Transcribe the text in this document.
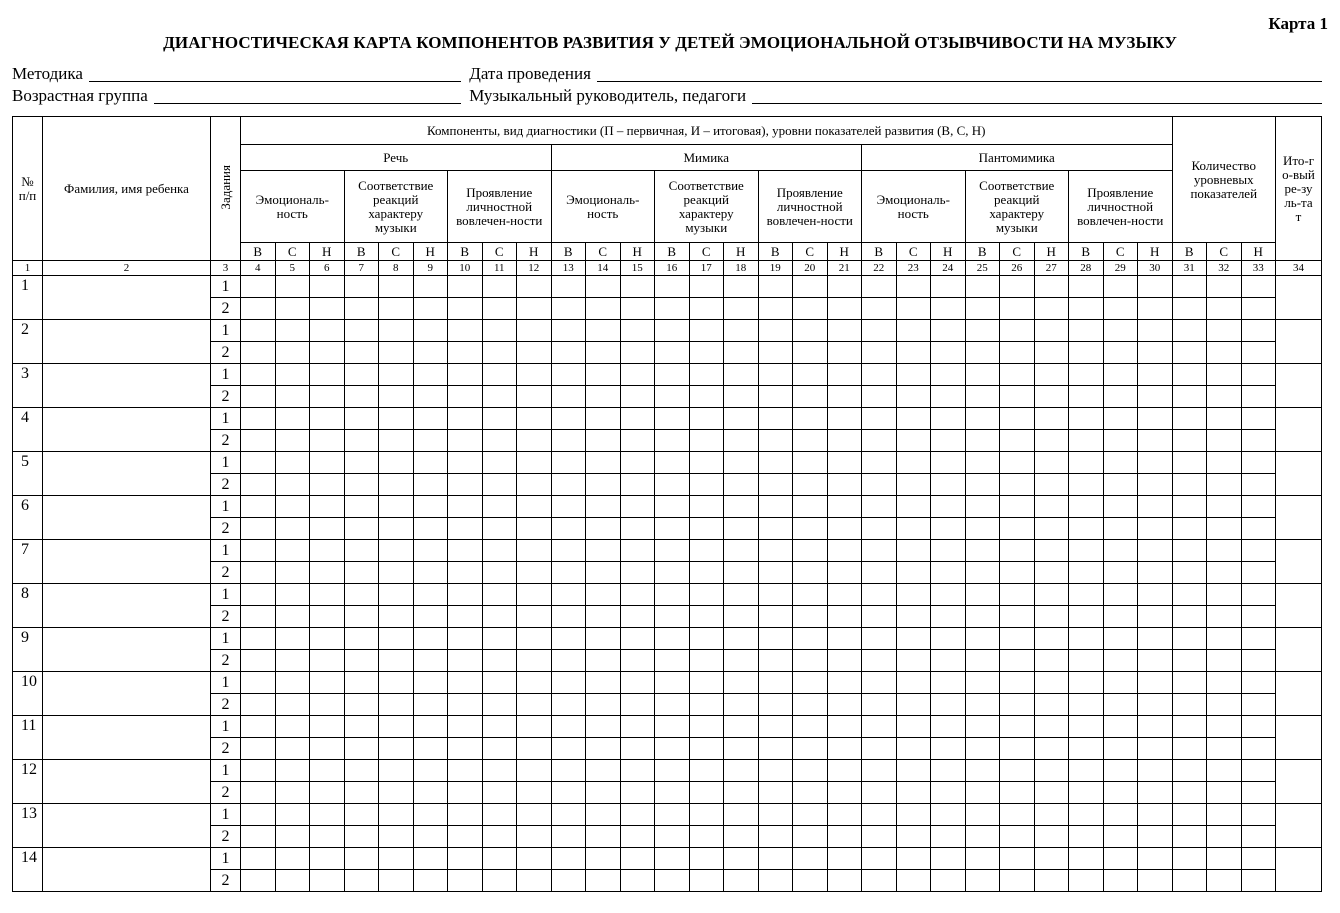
Карта 1
ДИАГНОСТИЧЕСКАЯ КАРТА КОМПОНЕНТОВ РАЗВИТИЯ У ДЕТЕЙ ЭМОЦИОНАЛЬНОЙ ОТЗЫВЧИВОСТИ НА МУЗЫКУ
Методика	Дата проведения
Возрастная группа	Музыкальный руководитель, педагоги
№ п/п	Фамилия, имя ребенка	Задания	Компоненты, вид диагностики (П – первичная, И – итоговая), уровни показателей развития (В, С, Н)																											Количество уровневых показателей			Ито-го-вый ре-зуль-тат
			Речь									Мимика									Пантомимика												
			Эмоциональ-ность			Соответствие реакций характеру музыки			Проявление личностной вовлечен-ности			Эмоциональ-ность			Соответствие реакций характеру музыки			Проявление личностной вовлечен-ности			Эмоциональ-ность			Соответствие реакций характеру музыки			Проявление личностной вовлечен-ности						
			В	С	Н	В	С	Н	В	С	Н	В	С	Н	В	С	Н	В	С	Н	В	С	Н	В	С	Н	В	С	Н	В	С	Н	
1	2	3	4	5	6	7	8	9	10	11	12	13	14	15	16	17	18	19	20	21	22	23	24	25	26	27	28	29	30	31	32	33	34
1		1																															
		2																															
2		1																															
		2																															
3		1																															
		2																															
4		1																															
		2																															
5		1																															
		2																															
6		1																															
		2																															
7		1																															
		2																															
8		1																															
		2																															
9		1																															
		2																															
10		1																															
		2																															
11		1																															
		2																															
12		1																															
		2																															
13		1																															
		2																															
14		1																															
		2																															
